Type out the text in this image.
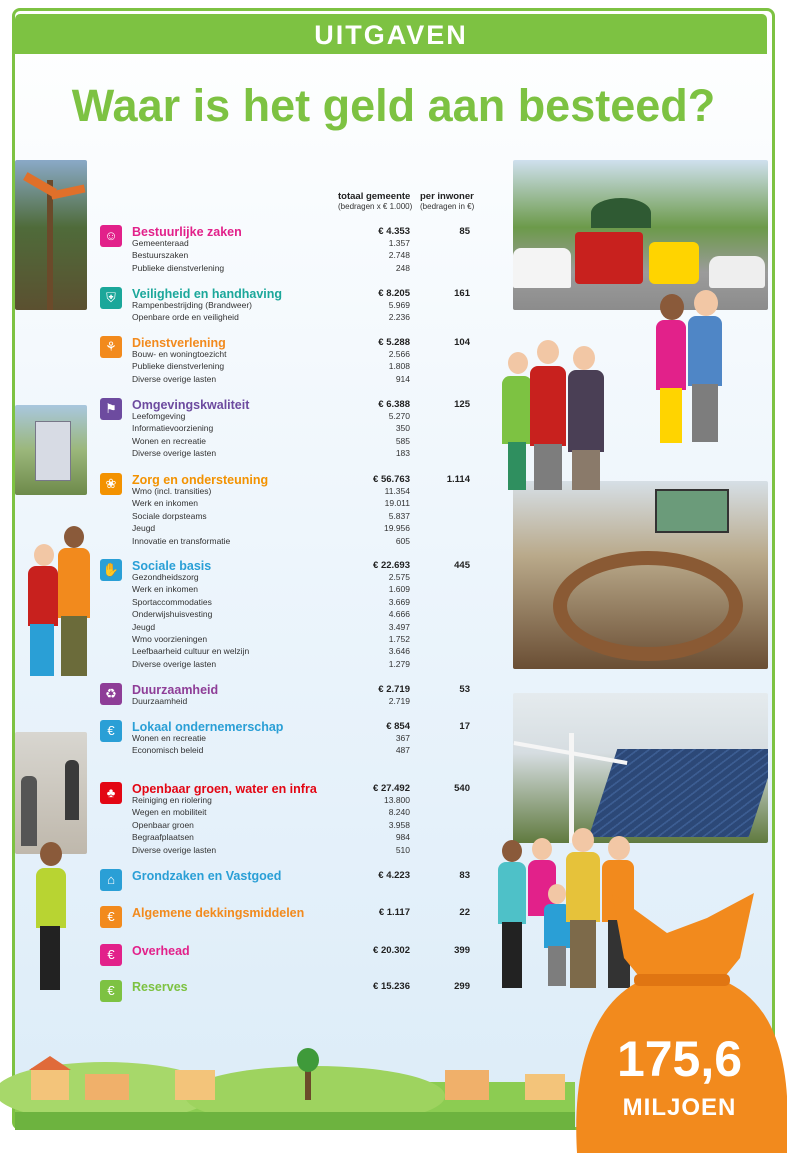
UITGAVEN
Waar is het geld aan besteed?
totaal gemeente
(bedragen x € 1.000)
per inwoner
(bedragen in €)
☺	Bestuurlijke zaken	€ 4.353	85
Gemeenteraad	1.357
Bestuurszaken	2.748
Publieke dienstverlening	248
⛨	Veiligheid en handhaving	€ 8.205	161
Rampenbestrijding (Brandweer)	5.969
Openbare orde en veiligheid	2.236
⚘	Dienstverlening	€ 5.288	104
Bouw- en woningtoezicht	2.566
Publieke dienstverlening	1.808
Diverse overige lasten	914
⚑	Omgevingskwaliteit	€ 6.388	125
Leefomgeving	5.270
Informatievoorziening	350
Wonen en recreatie	585
Diverse overige lasten	183
❀	Zorg en ondersteuning	€ 56.763	1.114
Wmo (incl. transities)	11.354
Werk en inkomen	19.011
Sociale dorpsteams	5.837
Jeugd	19.956
Innovatie en transformatie	605
✋ Sociale basis	€ 22.693	445
Gezondheidszorg	2.575
Werk en inkomen	1.609
Sportaccommodaties	3.669
Onderwijshuisvesting	4.666
Jeugd	3.497
Wmo voorzieningen	1.752
Leefbaarheid cultuur en welzijn	3.646
Diverse overige lasten	1.279
♻	Duurzaamheid	€ 2.719	53
Duurzaamheid	2.719
€	Lokaal ondernemerschap	€ 854	17
Wonen en recreatie	367
Economisch beleid	487
♣	Openbaar groen, water en infra	€ 27.492	540
Reiniging en riolering	13.800
Wegen en mobiliteit	8.240
Openbaar groen	3.958
Begraafplaatsen	984
Diverse overige lasten	510
⌂	Grondzaken en Vastgoed	€ 4.223	83
€	Algemene dekkingsmiddelen	€ 1.117	22
€	Overhead	€ 20.302	399
€	Reserves	€ 15.236	299
175,6
MILJOEN
